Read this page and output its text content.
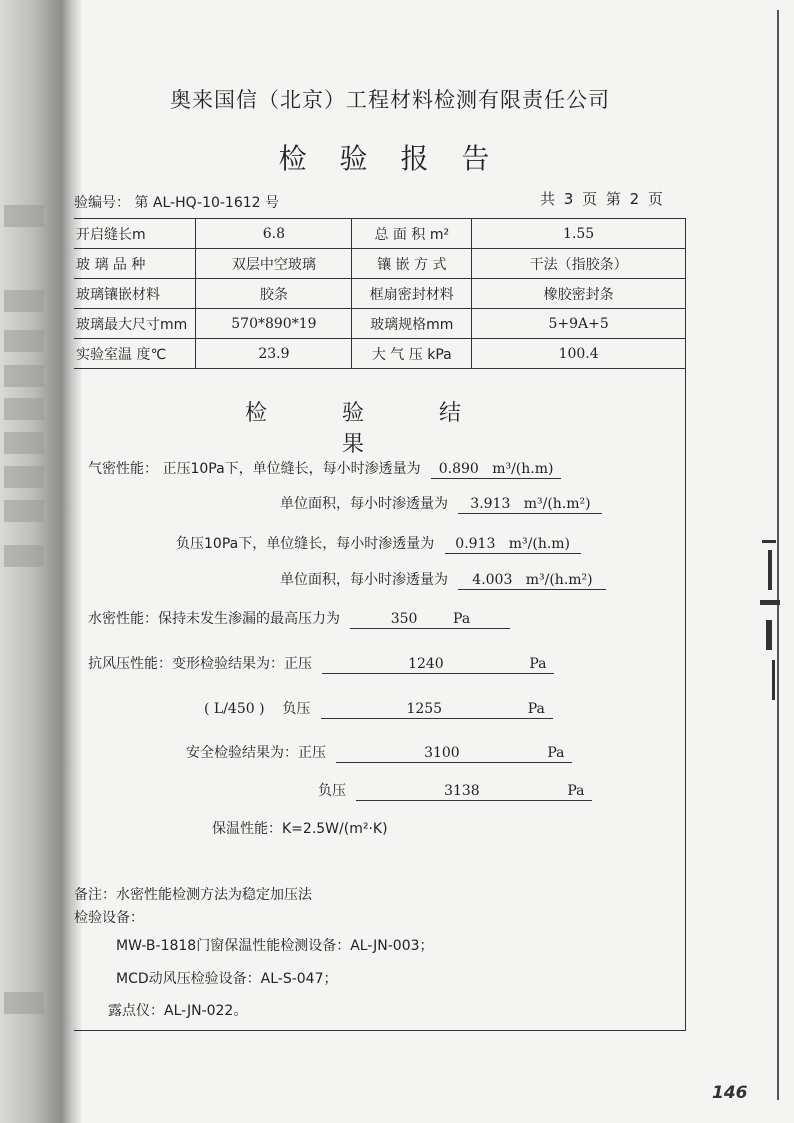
奥来国信（北京）工程材料检测有限责任公司
检 验 报 告
验编号： 第 AL-HQ-10-1612 号	共 3 页 第 2 页
开启缝长m	6.8	总 面 积 m²	1.55
玻 璃 品 种	双层中空玻璃	镶 嵌 方 式	干法（指胶条）
玻璃镶嵌材料	胶条	框扇密封材料	橡胶密封条
玻璃最大尺寸mm	570*890*19	玻璃规格mm	5+9A+5
实验室温 度℃	23.9	大 气 压 kPa	100.4
检 验 结 果
气密性能： 正压10Pa下，单位缝长，每小时渗透量为 0.890 m³/(h.m)
单位面积，每小时渗透量为 3.913 m³/(h.m²)
负压10Pa下，单位缝长，每小时渗透量为 0.913 m³/(h.m)
单位面积，每小时渗透量为 4.003 m³/(h.m²)
水密性能：保持未发生渗漏的最高压力为	350	Pa
抗风压性能：变形检验结果为：正压	1240	Pa
( L/450 ) 负压	1255	Pa
安全检验结果为：正压	3100	Pa
负压	3138	Pa
保温性能：K=2.5W/(m²·K)
备注：水密性能检测方法为稳定加压法
检验设备：
MW-B-1818门窗保温性能检测设备：AL-JN-003；
MCD动风压检验设备：AL-S-047；
露点仪：AL-JN-022。
146
